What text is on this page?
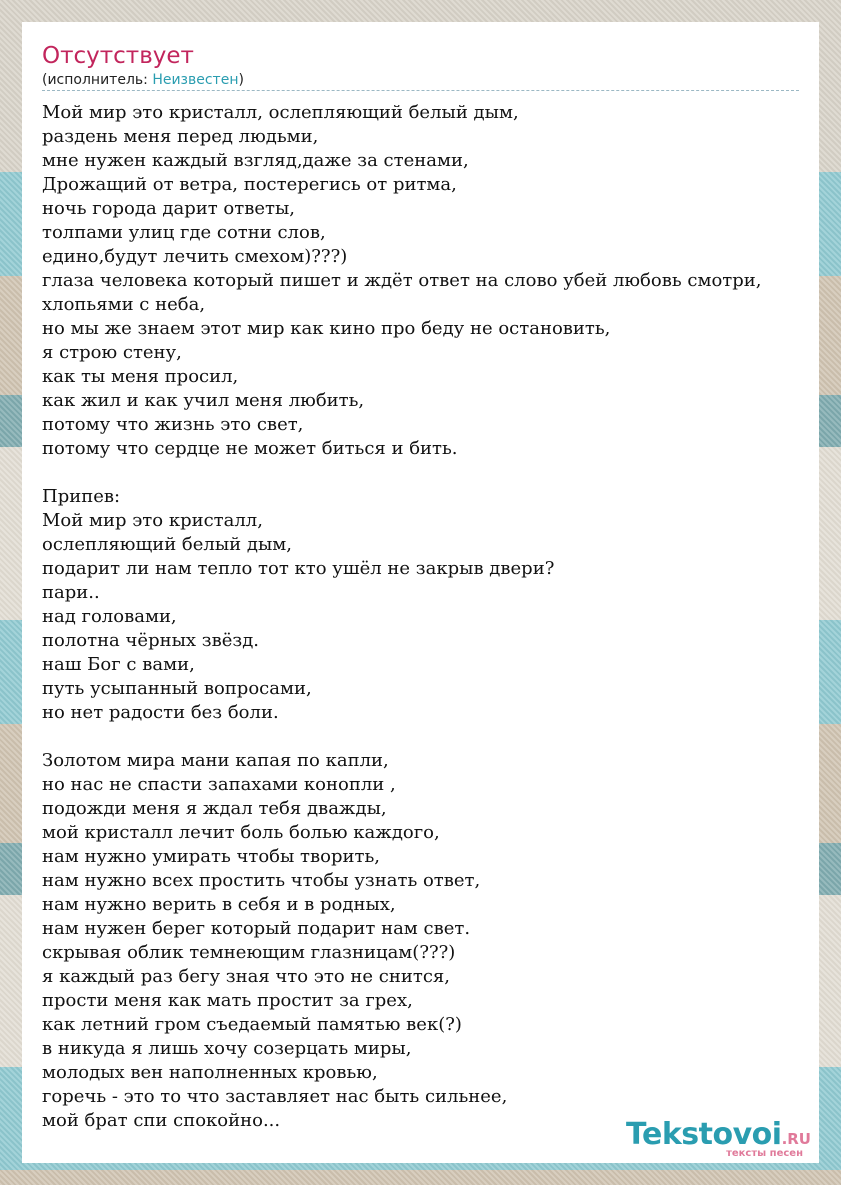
Отсутствует
(исполнитель: Неизвестен)
Мой мир это кристалл, ослепляющий белый дым,
раздень меня перед людьми,
мне нужен каждый взгляд,даже за стенами,
Дрожащий от ветра, постерегись от ритма,
ночь города дарит ответы,
толпами улиц где сотни слов,
едино,будут лечить смехом)???)
глаза человека который пишет и ждёт ответ на слово убей любовь смотри,
хлопьями с неба,
но мы же знаем этот мир как кино про беду не остановить,
я строю стену,
как ты меня просил,
как жил и как учил меня любить,
потому что жизнь это свет,
потому что сердце не может биться и бить.
Припев:
Мой мир это кристалл,
ослепляющий белый дым,
подарит ли нам тепло тот кто ушёл не закрыв двери?
пари..
над головами,
полотна чёрных звёзд.
наш Бог с вами,
путь усыпанный вопросами,
но нет радости без боли.
Золотом мира мани капая по капли,
но нас не спасти запахами конопли ,
подожди меня я ждал тебя дважды,
мой кристалл лечит боль болью каждого,
нам нужно умирать чтобы творить,
нам нужно всех простить чтобы узнать ответ,
нам нужно верить в себя и в родных,
нам нужен берег который подарит нам свет.
скрывая облик темнеющим глазницам(???)
я каждый раз бегу зная что это не снится,
прости меня как мать простит за грех,
как летний гром съедаемый памятью век(?)
в никуда я лишь хочу созерцать миры,
молодых вен наполненных кровью,
горечь - это то что заставляет нас быть сильнее,
мой брат спи спокойно...	Tekstovoi.RU
тексты песен
